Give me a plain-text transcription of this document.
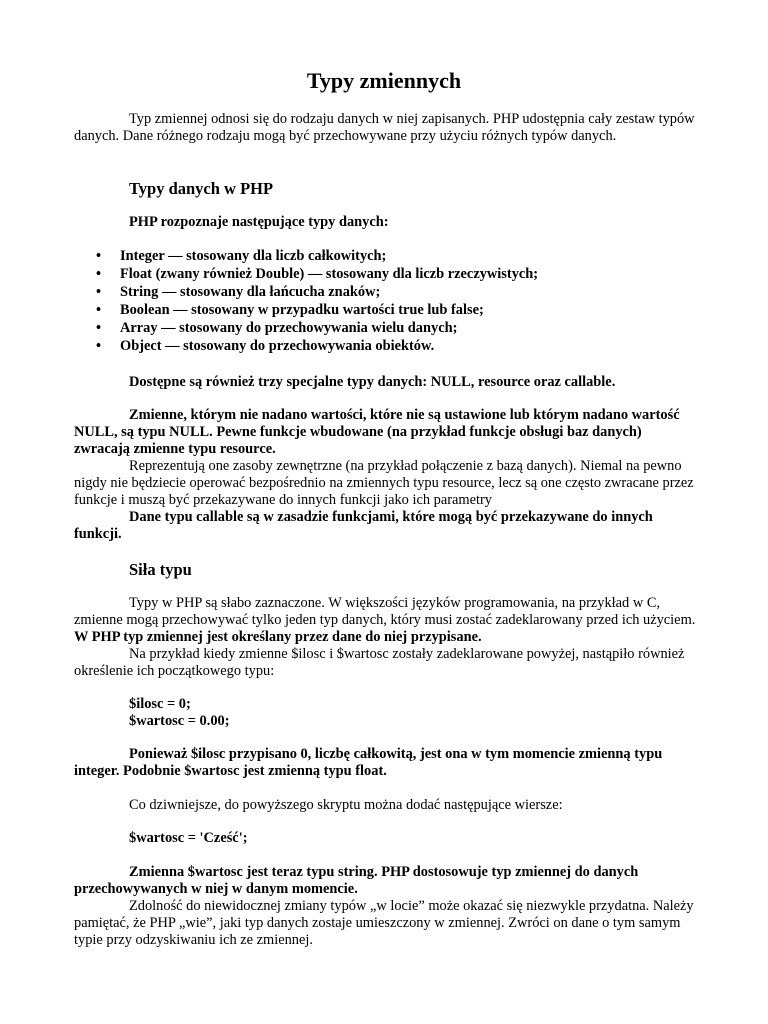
Typy zmiennych

Typ zmiennej odnosi się do rodzaju danych w niej zapisanych. PHP udostępnia cały zestaw typów danych. Dane różnego rodzaju mogą być przechowywane przy użyciu różnych typów danych.

Typy danych w PHP

PHP rozpoznaje następujące typy danych:

• Integer — stosowany dla liczb całkowitych;
• Float (zwany również Double) — stosowany dla liczb rzeczywistych;
• String — stosowany dla łańcucha znaków;
• Boolean — stosowany w przypadku wartości true lub false;
• Array — stosowany do przechowywania wielu danych;
• Object — stosowany do przechowywania obiektów.

Dostępne są również trzy specjalne typy danych: NULL, resource oraz callable.

Zmienne, którym nie nadano wartości, które nie są ustawione lub którym nadano wartość NULL, są typu NULL. Pewne funkcje wbudowane (na przykład funkcje obsługi baz danych) zwracają zmienne typu resource.

Reprezentują one zasoby zewnętrzne (na przykład połączenie z bazą danych). Niemal na pewno nigdy nie będziecie operować bezpośrednio na zmiennych typu resource, lecz są one często zwracane przez funkcje i muszą być przekazywane do innych funkcji jako ich parametry

Dane typu callable są w zasadzie funkcjami, które mogą być przekazywane do innych funkcji.

Siła typu

Typy w PHP są słabo zaznaczone. W większości języków programowania, na przykład w C, zmienne mogą przechowywać tylko jeden typ danych, który musi zostać zadeklarowany przed ich użyciem. W PHP typ zmiennej jest określany przez dane do niej przypisane.

Na przykład kiedy zmienne $ilosc i $wartosc zostały zadeklarowane powyżej, nastąpiło również określenie ich początkowego typu:

$ilosc = 0;

$wartosc = 0.00;

Ponieważ $ilosc przypisano 0, liczbę całkowitą, jest ona w tym momencie zmienną typu integer. Podobnie $wartosc jest zmienną typu float.

Co dziwniejsze, do powyższego skryptu można dodać następujące wiersze:

$wartosc = 'Cześć';

Zmienna $wartosc jest teraz typu string. PHP dostosowuje typ zmiennej do danych przechowywanych w niej w danym momencie.

Zdolność do niewidocznej zmiany typów „w locie” może okazać się niezwykle przydatna. Należy pamiętać, że PHP „wie”, jaki typ danych zostaje umieszczony w zmiennej. Zwróci on dane o tym samym typie przy odzyskiwaniu ich ze zmiennej.
